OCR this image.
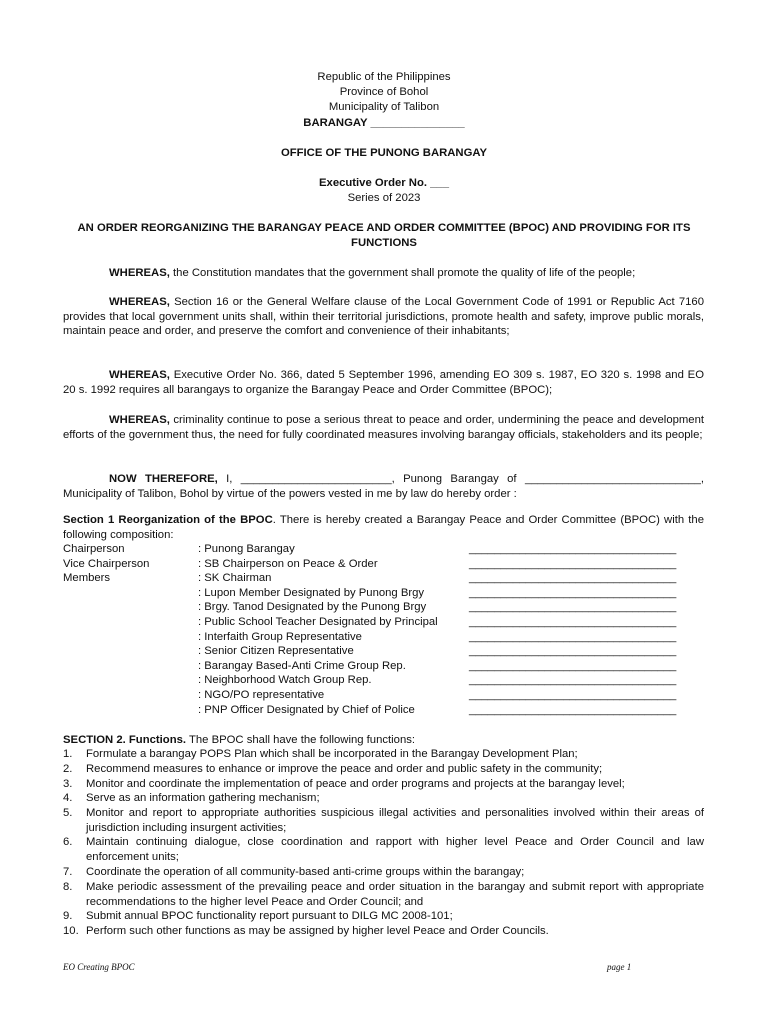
Republic of the Philippines
Province of Bohol
Municipality of Talibon
BARANGAY _______________
OFFICE OF THE PUNONG BARANGAY
Executive Order No. ___
Series of 2023
AN ORDER REORGANIZING THE BARANGAY PEACE AND ORDER COMMITTEE (BPOC) AND PROVIDING FOR ITS
FUNCTIONS
WHEREAS, the Constitution mandates that the government shall promote the quality of life of the people;
WHEREAS, Section 16 or the General Welfare clause of the Local Government Code of 1991 or Republic Act 7160 provides that local government units shall, within their territorial jurisdictions, promote health and safety, improve public morals, maintain peace and order, and preserve the comfort and convenience of their inhabitants;
WHEREAS, Executive Order No. 366, dated 5 September 1996, amending EO 309 s. 1987, EO 320 s. 1998 and EO 20 s. 1992 requires all barangays to organize the Barangay Peace and Order Committee (BPOC);
WHEREAS, criminality continue to pose a serious threat to peace and order, undermining the peace and development efforts of the government thus, the need for fully coordinated measures involving barangay officials, stakeholders and its people;
NOW THEREFORE, I, ________________________, Punong Barangay of ____________________________, Municipality of Talibon, Bohol by virtue of the powers vested in me by law do hereby order :
Section 1 Reorganization of the BPOC. There is hereby created a Barangay Peace and Order Committee (BPOC) with the following composition:
Chairperson	: Punong Barangay	_________________________________
Vice Chairperson	: SB Chairperson on Peace & Order	_________________________________
Members	: SK Chairman	_________________________________
: Lupon Member Designated by Punong Brgy	_________________________________
: Brgy. Tanod Designated by the Punong Brgy	_________________________________
: Public School Teacher Designated by Principal	_________________________________
: Interfaith Group Representative	_________________________________
: Senior Citizen Representative	_________________________________
: Barangay Based-Anti Crime Group Rep.	_________________________________
: Neighborhood Watch Group Rep.	_________________________________
: NGO/PO representative	_________________________________
: PNP Officer Designated by Chief of Police	_________________________________
SECTION 2. Functions. The BPOC shall have the following functions:
1.	Formulate a barangay POPS Plan which shall be incorporated in the Barangay Development Plan;
2.	Recommend measures to enhance or improve the peace and order and public safety in the community;
3.	Monitor and coordinate the implementation of peace and order programs and projects at the barangay level;
4.	Serve as an information gathering mechanism;
5.	Monitor and report to appropriate authorities suspicious illegal activities and personalities involved within their areas of jurisdiction including insurgent activities;
6.	Maintain continuing dialogue, close coordination and rapport with higher level Peace and Order Council and law enforcement units;
7.	Coordinate the operation of all community-based anti-crime groups within the barangay;
8.	Make periodic assessment of the prevailing peace and order situation in the barangay and submit report with appropriate recommendations to the higher level Peace and Order Council; and
9.	Submit annual BPOC functionality report pursuant to DILG MC 2008-101;
10. Perform such other functions as may be assigned by higher level Peace and Order Councils.
EO Creating BPOC	page 1
